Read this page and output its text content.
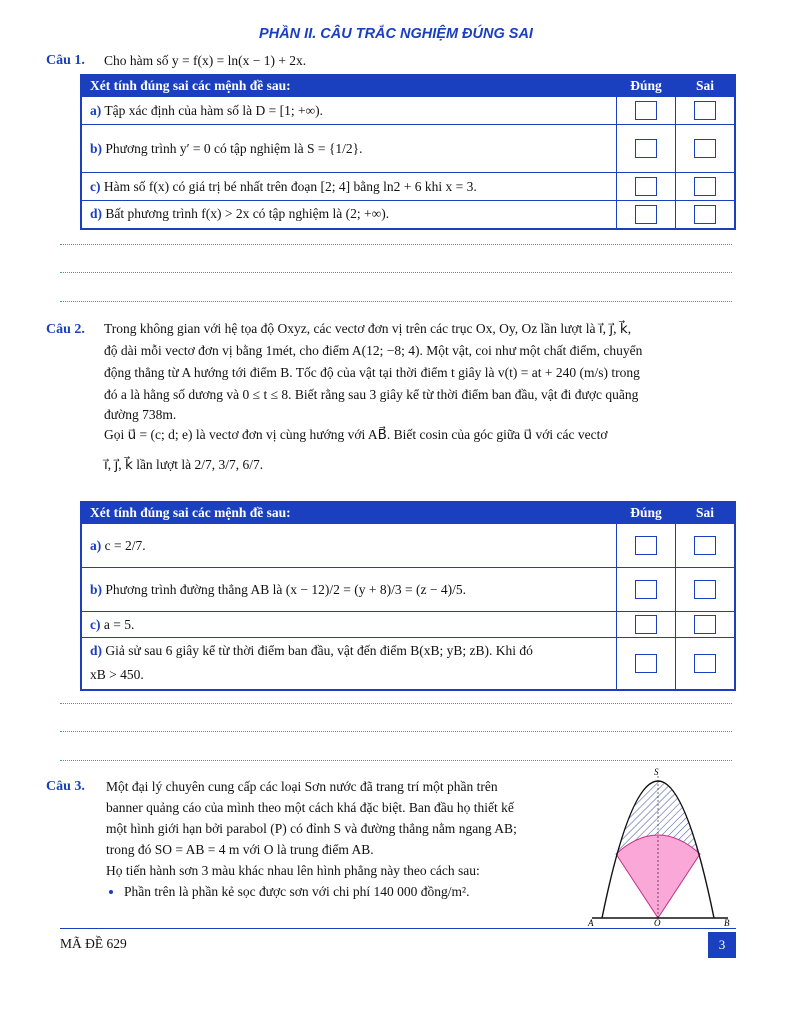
PHẦN II. CÂU TRẮC NGHIỆM ĐÚNG SAI
Câu 1. Cho hàm số y = f(x) = ln(x − 1) + 2x.
Xét tính đúng sai các mệnh đề sau:	Đúng	Sai
a) Tập xác định của hàm số là D = [1; +∞).		
b) Phương trình y′ = 0 có tập nghiệm là S = {1/2}.		
c) Hàm số f(x) có giá trị bé nhất trên đoạn [2; 4] bằng ln2 + 6 khi x = 3.		
d) Bất phương trình f(x) > 2x có tập nghiệm là (2; +∞).		
Câu 2. Trong không gian với hệ tọa độ Oxyz, các vectơ đơn vị trên các trục Ox, Oy, Oz lần lượt là i⃗, j⃗, k⃗,
độ dài mỗi vectơ đơn vị bằng 1mét, cho điểm A(12; −8; 4). Một vật, coi như một chất điểm, chuyển
động thẳng từ A hướng tới điểm B. Tốc độ của vật tại thời điểm t giây là v(t) = at + 240 (m/s) trong
đó a là hằng số dương và 0 ≤ t ≤ 8. Biết rằng sau 3 giây kể từ thời điểm ban đầu, vật đi được quãng
đường 738m.
Gọi u⃗ = (c; d; e) là vectơ đơn vị cùng hướng với AB⃗. Biết cosin của góc giữa u⃗ với các vectơ
i⃗, j⃗, k⃗ lần lượt là 2/7, 3/7, 6/7.
Xét tính đúng sai các mệnh đề sau:	Đúng	Sai
a) c = 2/7.		
b) Phương trình đường thẳng AB là (x − 12)/2 = (y + 8)/3 = (z − 4)/5.		
c) a = 5.		
d) Giả sử sau 6 giây kể từ thời điểm ban đầu, vật đến điểm B(xB; yB; zB). Khi đó
xB > 450.		
Câu 3. Một đại lý chuyên cung cấp các loại Sơn nước đã trang trí một phần trên
banner quảng cáo của mình theo một cách khá đặc biệt. Ban đầu họ thiết kế
một hình giới hạn bởi parabol (P) có đỉnh S và đường thẳng nằm ngang AB;
trong đó SO = AB = 4 m với O là trung điểm AB.
Họ tiến hành sơn 3 màu khác nhau lên hình phẳng này theo cách sau:
• Phần trên là phần kẻ sọc được sơn với chi phí 140 000 đồng/m².
S
A	O	B
MÃ ĐỀ 629	3
